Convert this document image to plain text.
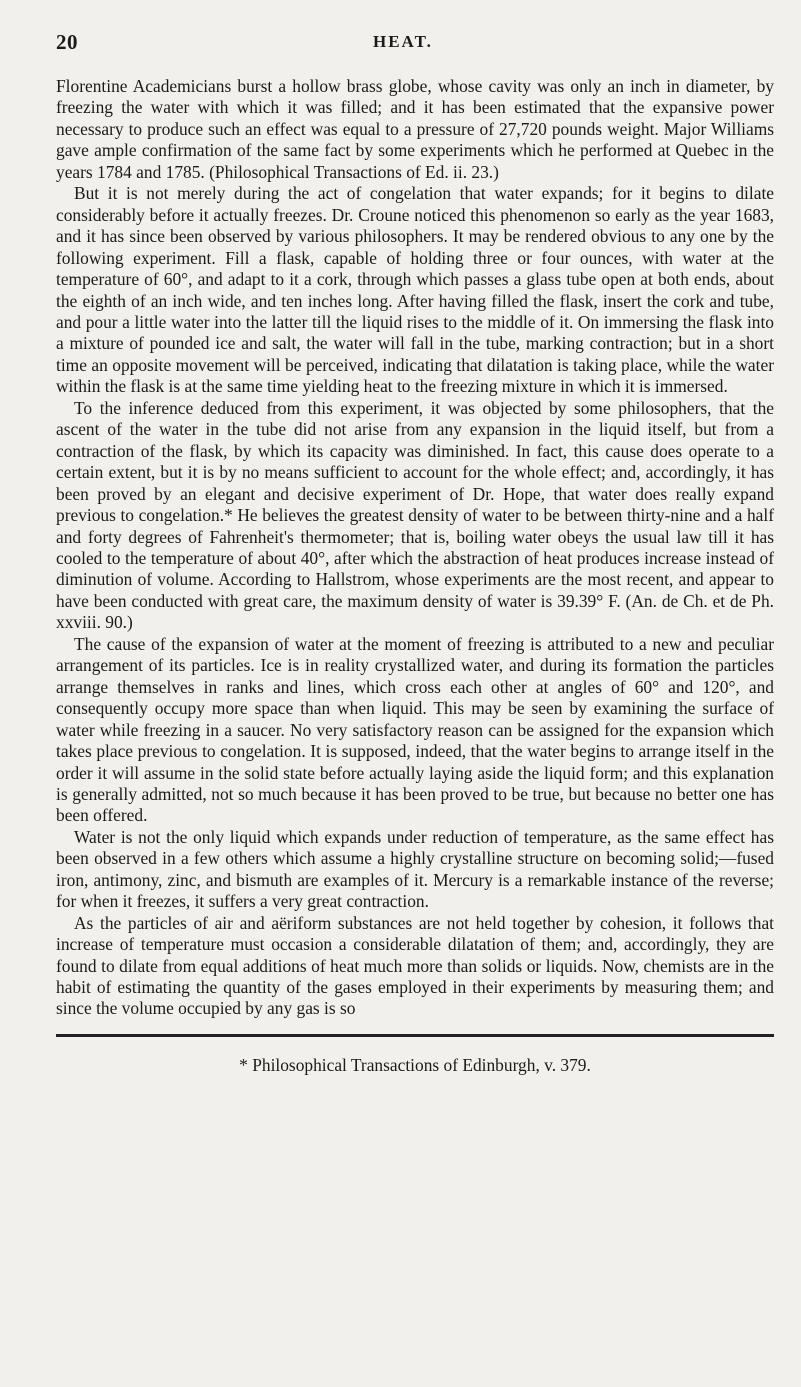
20	HEAT.

Florentine Academicians burst a hollow brass globe, whose cavity was only an inch in diameter, by freezing the water with which it was filled; and it has been estimated that the expansive power necessary to produce such an effect was equal to a pressure of 27,720 pounds weight. Major Williams gave ample confirmation of the same fact by some experiments which he performed at Quebec in the years 1784 and 1785. (Philosophical Transactions of Ed. ii. 23.)

But it is not merely during the act of congelation that water expands; for it begins to dilate considerably before it actually freezes. Dr. Croune noticed this phenomenon so early as the year 1683, and it has since been observed by various philosophers. It may be rendered obvious to any one by the following experiment. Fill a flask, capable of holding three or four ounces, with water at the temperature of 60°, and adapt to it a cork, through which passes a glass tube open at both ends, about the eighth of an inch wide, and ten inches long. After having filled the flask, insert the cork and tube, and pour a little water into the latter till the liquid rises to the middle of it. On immersing the flask into a mixture of pounded ice and salt, the water will fall in the tube, marking contraction; but in a short time an opposite movement will be perceived, indicating that dilatation is taking place, while the water within the flask is at the same time yielding heat to the freezing mixture in which it is immersed.

To the inference deduced from this experiment, it was objected by some philosophers, that the ascent of the water in the tube did not arise from any expansion in the liquid itself, but from a contraction of the flask, by which its capacity was diminished. In fact, this cause does operate to a certain extent, but it is by no means sufficient to account for the whole effect; and, accordingly, it has been proved by an elegant and decisive experiment of Dr. Hope, that water does really expand previous to congelation.* He believes the greatest density of water to be between thirty-nine and a half and forty degrees of Fahrenheit's thermometer; that is, boiling water obeys the usual law till it has cooled to the temperature of about 40°, after which the abstraction of heat produces increase instead of diminution of volume. According to Hallstrom, whose experiments are the most recent, and appear to have been conducted with great care, the maximum density of water is 39.39° F. (An. de Ch. et de Ph. xxviii. 90.)

The cause of the expansion of water at the moment of freezing is attributed to a new and peculiar arrangement of its particles. Ice is in reality crystallized water, and during its formation the particles arrange themselves in ranks and lines, which cross each other at angles of 60° and 120°, and consequently occupy more space than when liquid. This may be seen by examining the surface of water while freezing in a saucer. No very satisfactory reason can be assigned for the expansion which takes place previous to congelation. It is supposed, indeed, that the water begins to arrange itself in the order it will assume in the solid state before actually laying aside the liquid form; and this explanation is generally admitted, not so much because it has been proved to be true, but because no better one has been offered.

Water is not the only liquid which expands under reduction of temperature, as the same effect has been observed in a few others which assume a highly crystalline structure on becoming solid;—fused iron, antimony, zinc, and bismuth are examples of it. Mercury is a remarkable instance of the reverse; for when it freezes, it suffers a very great contraction.

As the particles of air and aëriform substances are not held together by cohesion, it follows that increase of temperature must occasion a considerable dilatation of them; and, accordingly, they are found to dilate from equal additions of heat much more than solids or liquids. Now, chemists are in the habit of estimating the quantity of the gases employed in their experiments by measuring them; and since the volume occupied by any gas is so

* Philosophical Transactions of Edinburgh, v. 379.
